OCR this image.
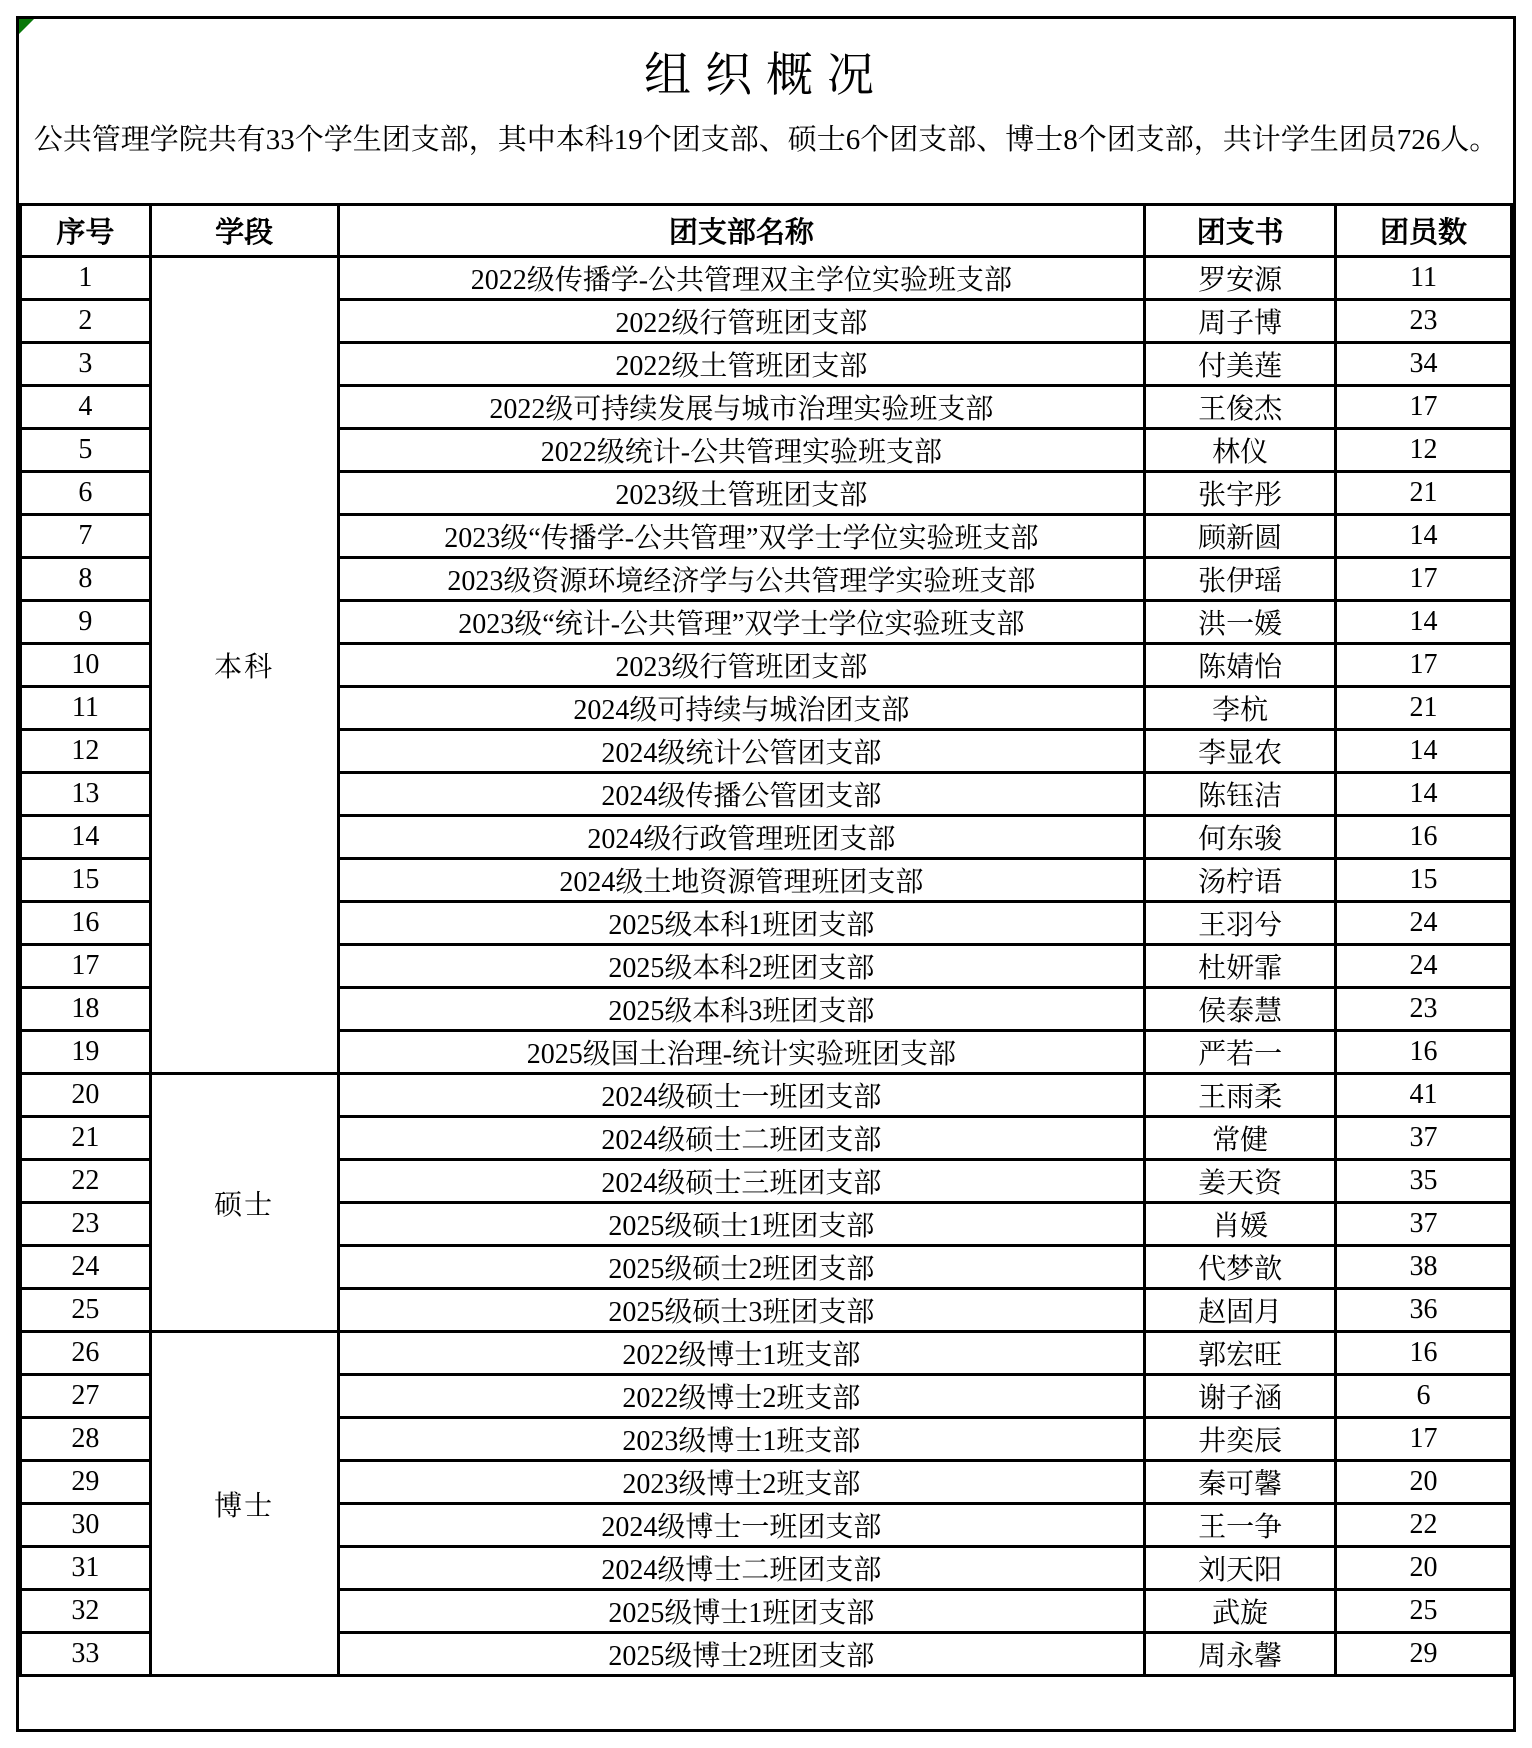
组织概况

公共管理学院共有33个学生团支部，其中本科19个团支部、硕士6个团支部、博士8个团支部，共计学生团员726人。

序号	学段	团支部名称	团支书	团员数
1	本科	2022级传播学-公共管理双主学位实验班支部	罗安源	11
2		2022级行管班团支部	周子博	23
3		2022级土管班团支部	付美莲	34
4		2022级可持续发展与城市治理实验班支部	王俊杰	17
5		2022级统计-公共管理实验班支部	林仪	12
6		2023级土管班团支部	张宇彤	21
7		2023级“传播学-公共管理”双学士学位实验班支部	顾新圆	14
8		2023级资源环境经济学与公共管理学实验班支部	张伊瑶	17
9		2023级“统计-公共管理”双学士学位实验班支部	洪一媛	14
10		2023级行管班团支部	陈婧怡	17
11		2024级可持续与城治团支部	李杭	21
12		2024级统计公管团支部	李显农	14
13		2024级传播公管团支部	陈钰洁	14
14		2024级行政管理班团支部	何东骏	16
15		2024级土地资源管理班团支部	汤柠语	15
16		2025级本科1班团支部	王羽兮	24
17		2025级本科2班团支部	杜妍霏	24
18		2025级本科3班团支部	侯泰慧	23
19		2025级国土治理-统计实验班团支部	严若一	16
20	硕士	2024级硕士一班团支部	王雨柔	41
21		2024级硕士二班团支部	常健	37
22		2024级硕士三班团支部	姜天资	35
23		2025级硕士1班团支部	肖媛	37
24		2025级硕士2班团支部	代梦歆	38
25		2025级硕士3班团支部	赵固月	36
26	博士	2022级博士1班支部	郭宏旺	16
27		2022级博士2班支部	谢子涵	6
28		2023级博士1班支部	井奕辰	17
29		2023级博士2班支部	秦可馨	20
30		2024级博士一班团支部	王一争	22
31		2024级博士二班团支部	刘天阳	20
32		2025级博士1班团支部	武旋	25
33		2025级博士2班团支部	周永馨	29
